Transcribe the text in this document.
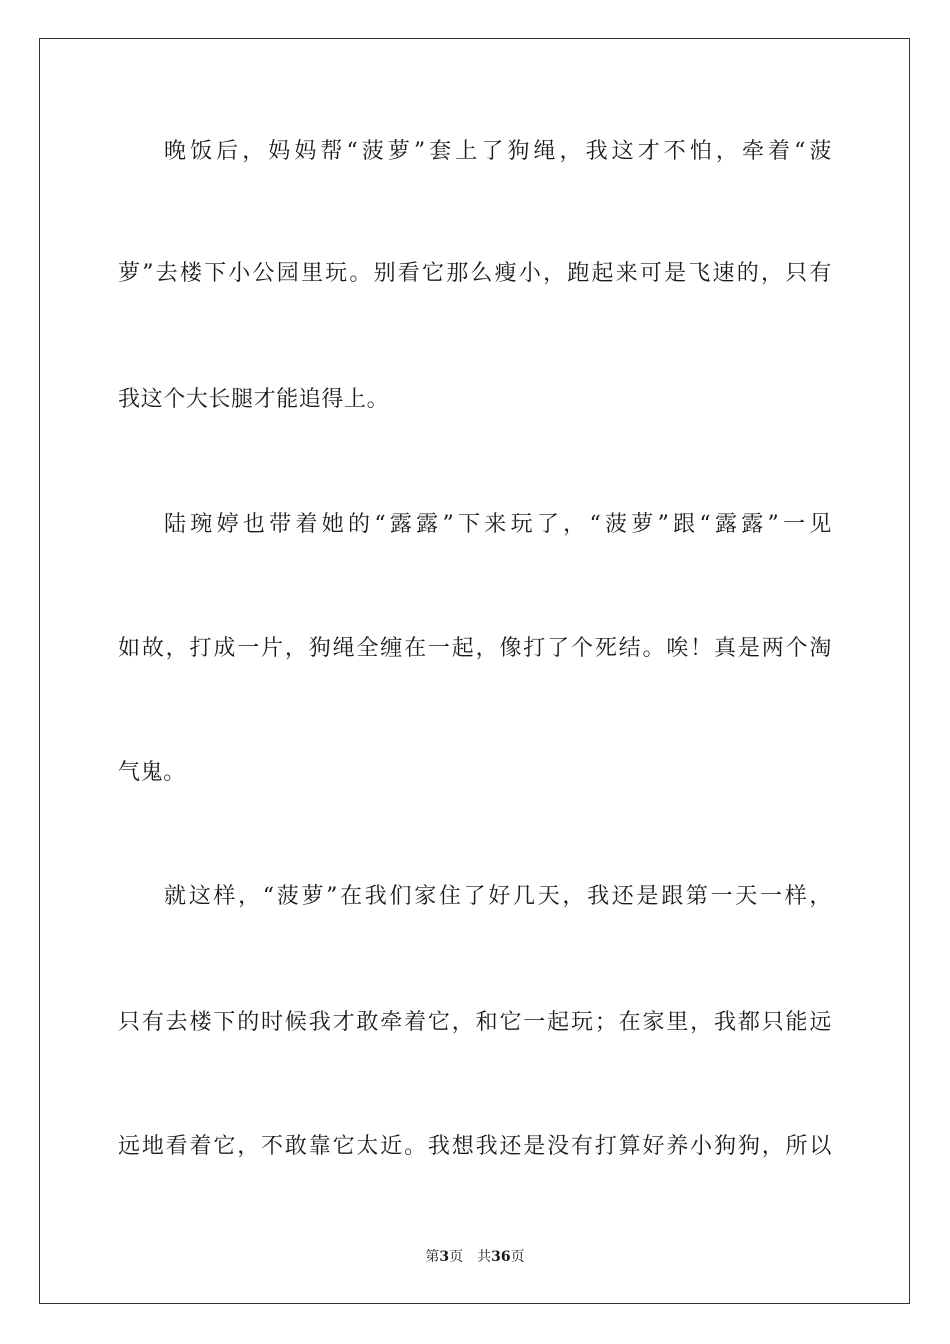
晚饭后，妈妈帮“菠萝”套上了狗绳，我这才不怕，牵着“菠
萝”去楼下小公园里玩。别看它那么瘦小，跑起来可是飞速的，只有
我这个大长腿才能追得上。
陆琬婷也带着她的“露露”下来玩了，“菠萝”跟“露露”一见
如故，打成一片，狗绳全缠在一起，像打了个死结。唉！真是两个淘
气鬼。
就这样，“菠萝”在我们家住了好几天，我还是跟第一天一样，
只有去楼下的时候我才敢牵着它，和它一起玩；在家里，我都只能远
远地看着它，不敢靠它太近。我想我还是没有打算好养小狗狗，所以
第3页 共36页
